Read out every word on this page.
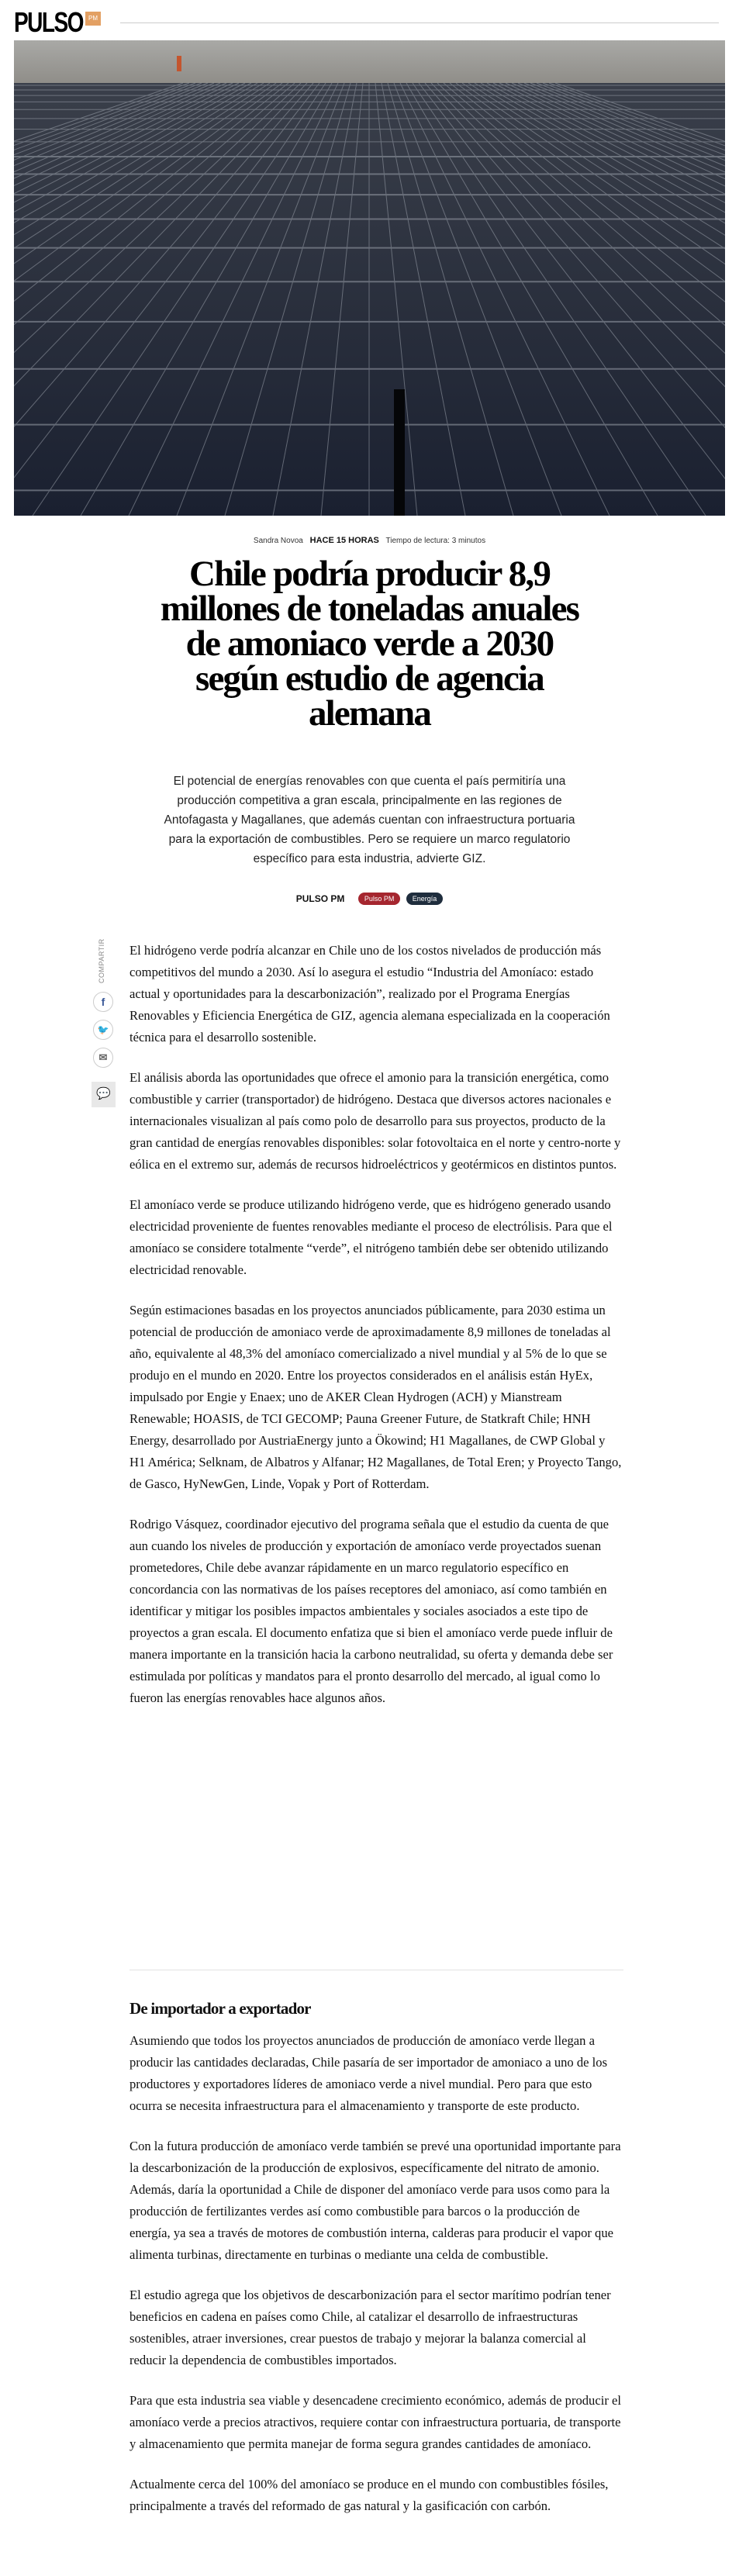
PULSO PM
Sandra Novoa HACE 15 HORAS Tiempo de lectura: 3 minutos
Chile podría producir 8,9 millones de toneladas anuales de amoniaco verde a 2030 según estudio de agencia alemana
El potencial de energías renovables con que cuenta el país permitiría una producción competitiva a gran escala, principalmente en las regiones de Antofagasta y Magallanes, que además cuentan con infraestructura portuaria para la exportación de combustibles. Pero se requiere un marco regulatorio específico para esta industria, advierte GIZ.
PULSO PM	Pulso PM	Energía
COMPARTIR
f
🐦
✉
💬

El hidrógeno verde podría alcanzar en Chile uno de los costos nivelados de producción más competitivos del mundo a 2030. Así lo asegura el estudio “Industria del Amoníaco: estado actual y oportunidades para la descarbonización”, realizado por el Programa Energías Renovables y Eficiencia Energética de GIZ, agencia alemana especializada en la cooperación técnica para el desarrollo sostenible.

El análisis aborda las oportunidades que ofrece el amonio para la transición energética, como combustible y carrier (transportador) de hidrógeno. Destaca que diversos actores nacionales e internacionales visualizan al país como polo de desarrollo para sus proyectos, producto de la gran cantidad de energías renovables disponibles: solar fotovoltaica en el norte y centro-norte y eólica en el extremo sur, además de recursos hidroeléctricos y geotérmicos en distintos puntos.

El amoníaco verde se produce utilizando hidrógeno verde, que es hidrógeno generado usando electricidad proveniente de fuentes renovables mediante el proceso de electrólisis. Para que el amoníaco se considere totalmente “verde”, el nitrógeno también debe ser obtenido utilizando electricidad renovable.

Según estimaciones basadas en los proyectos anunciados públicamente, para 2030 estima un potencial de producción de amoniaco verde de aproximadamente 8,9 millones de toneladas al año, equivalente al 48,3% del amoníaco comercializado a nivel mundial y al 5% de lo que se produjo en el mundo en 2020. Entre los proyectos considerados en el análisis están HyEx, impulsado por Engie y Enaex; uno de AKER Clean Hydrogen (ACH) y Mianstream Renewable; HOASIS, de TCI GECOMP; Pauna Greener Future, de Statkraft Chile; HNH Energy, desarrollado por AustriaEnergy junto a Ökowind; H1 Magallanes, de CWP Global y H1 América; Selknam, de Albatros y Alfanar; H2 Magallanes, de Total Eren; y Proyecto Tango, de Gasco, HyNewGen, Linde, Vopak y Port of Rotterdam.

Rodrigo Vásquez, coordinador ejecutivo del programa señala que el estudio da cuenta de que aun cuando los niveles de producción y exportación de amoníaco verde proyectados suenan prometedores, Chile debe avanzar rápidamente en un marco regulatorio específico en concordancia con las normativas de los países receptores del amoniaco, así como también en identificar y mitigar los posibles impactos ambientales y sociales asociados a este tipo de proyectos a gran escala. El documento enfatiza que si bien el amoníaco verde puede influir de manera importante en la transición hacia la carbono neutralidad, su oferta y demanda debe ser estimulada por políticas y mandatos para el pronto desarrollo del mercado, al igual como lo fueron las energías renovables hace algunos años.

De importador a exportador

Asumiendo que todos los proyectos anunciados de producción de amoníaco verde llegan a producir las cantidades declaradas, Chile pasaría de ser importador de amoniaco a uno de los productores y exportadores líderes de amoniaco verde a nivel mundial. Pero para que esto ocurra se necesita infraestructura para el almacenamiento y transporte de este producto.

Con la futura producción de amoníaco verde también se prevé una oportunidad importante para la descarbonización de la producción de explosivos, específicamente del nitrato de amonio. Además, daría la oportunidad a Chile de disponer del amoníaco verde para usos como para la producción de fertilizantes verdes así como combustible para barcos o la producción de energía, ya sea a través de motores de combustión interna, calderas para producir el vapor que alimenta turbinas, directamente en turbinas o mediante una celda de combustible.

El estudio agrega que los objetivos de descarbonización para el sector marítimo podrían tener beneficios en cadena en países como Chile, al catalizar el desarrollo de infraestructuras sostenibles, atraer inversiones, crear puestos de trabajo y mejorar la balanza comercial al reducir la dependencia de combustibles importados.

Para que esta industria sea viable y desencadene crecimiento económico, además de producir el amoníaco verde a precios atractivos, requiere contar con infraestructura portuaria, de transporte y almacenamiento que permita manejar de forma segura grandes cantidades de amoníaco.

Actualmente cerca del 100% del amoníaco se produce en el mundo con combustibles fósiles, principalmente a través del reformado de gas natural y la gasificación con carbón.
